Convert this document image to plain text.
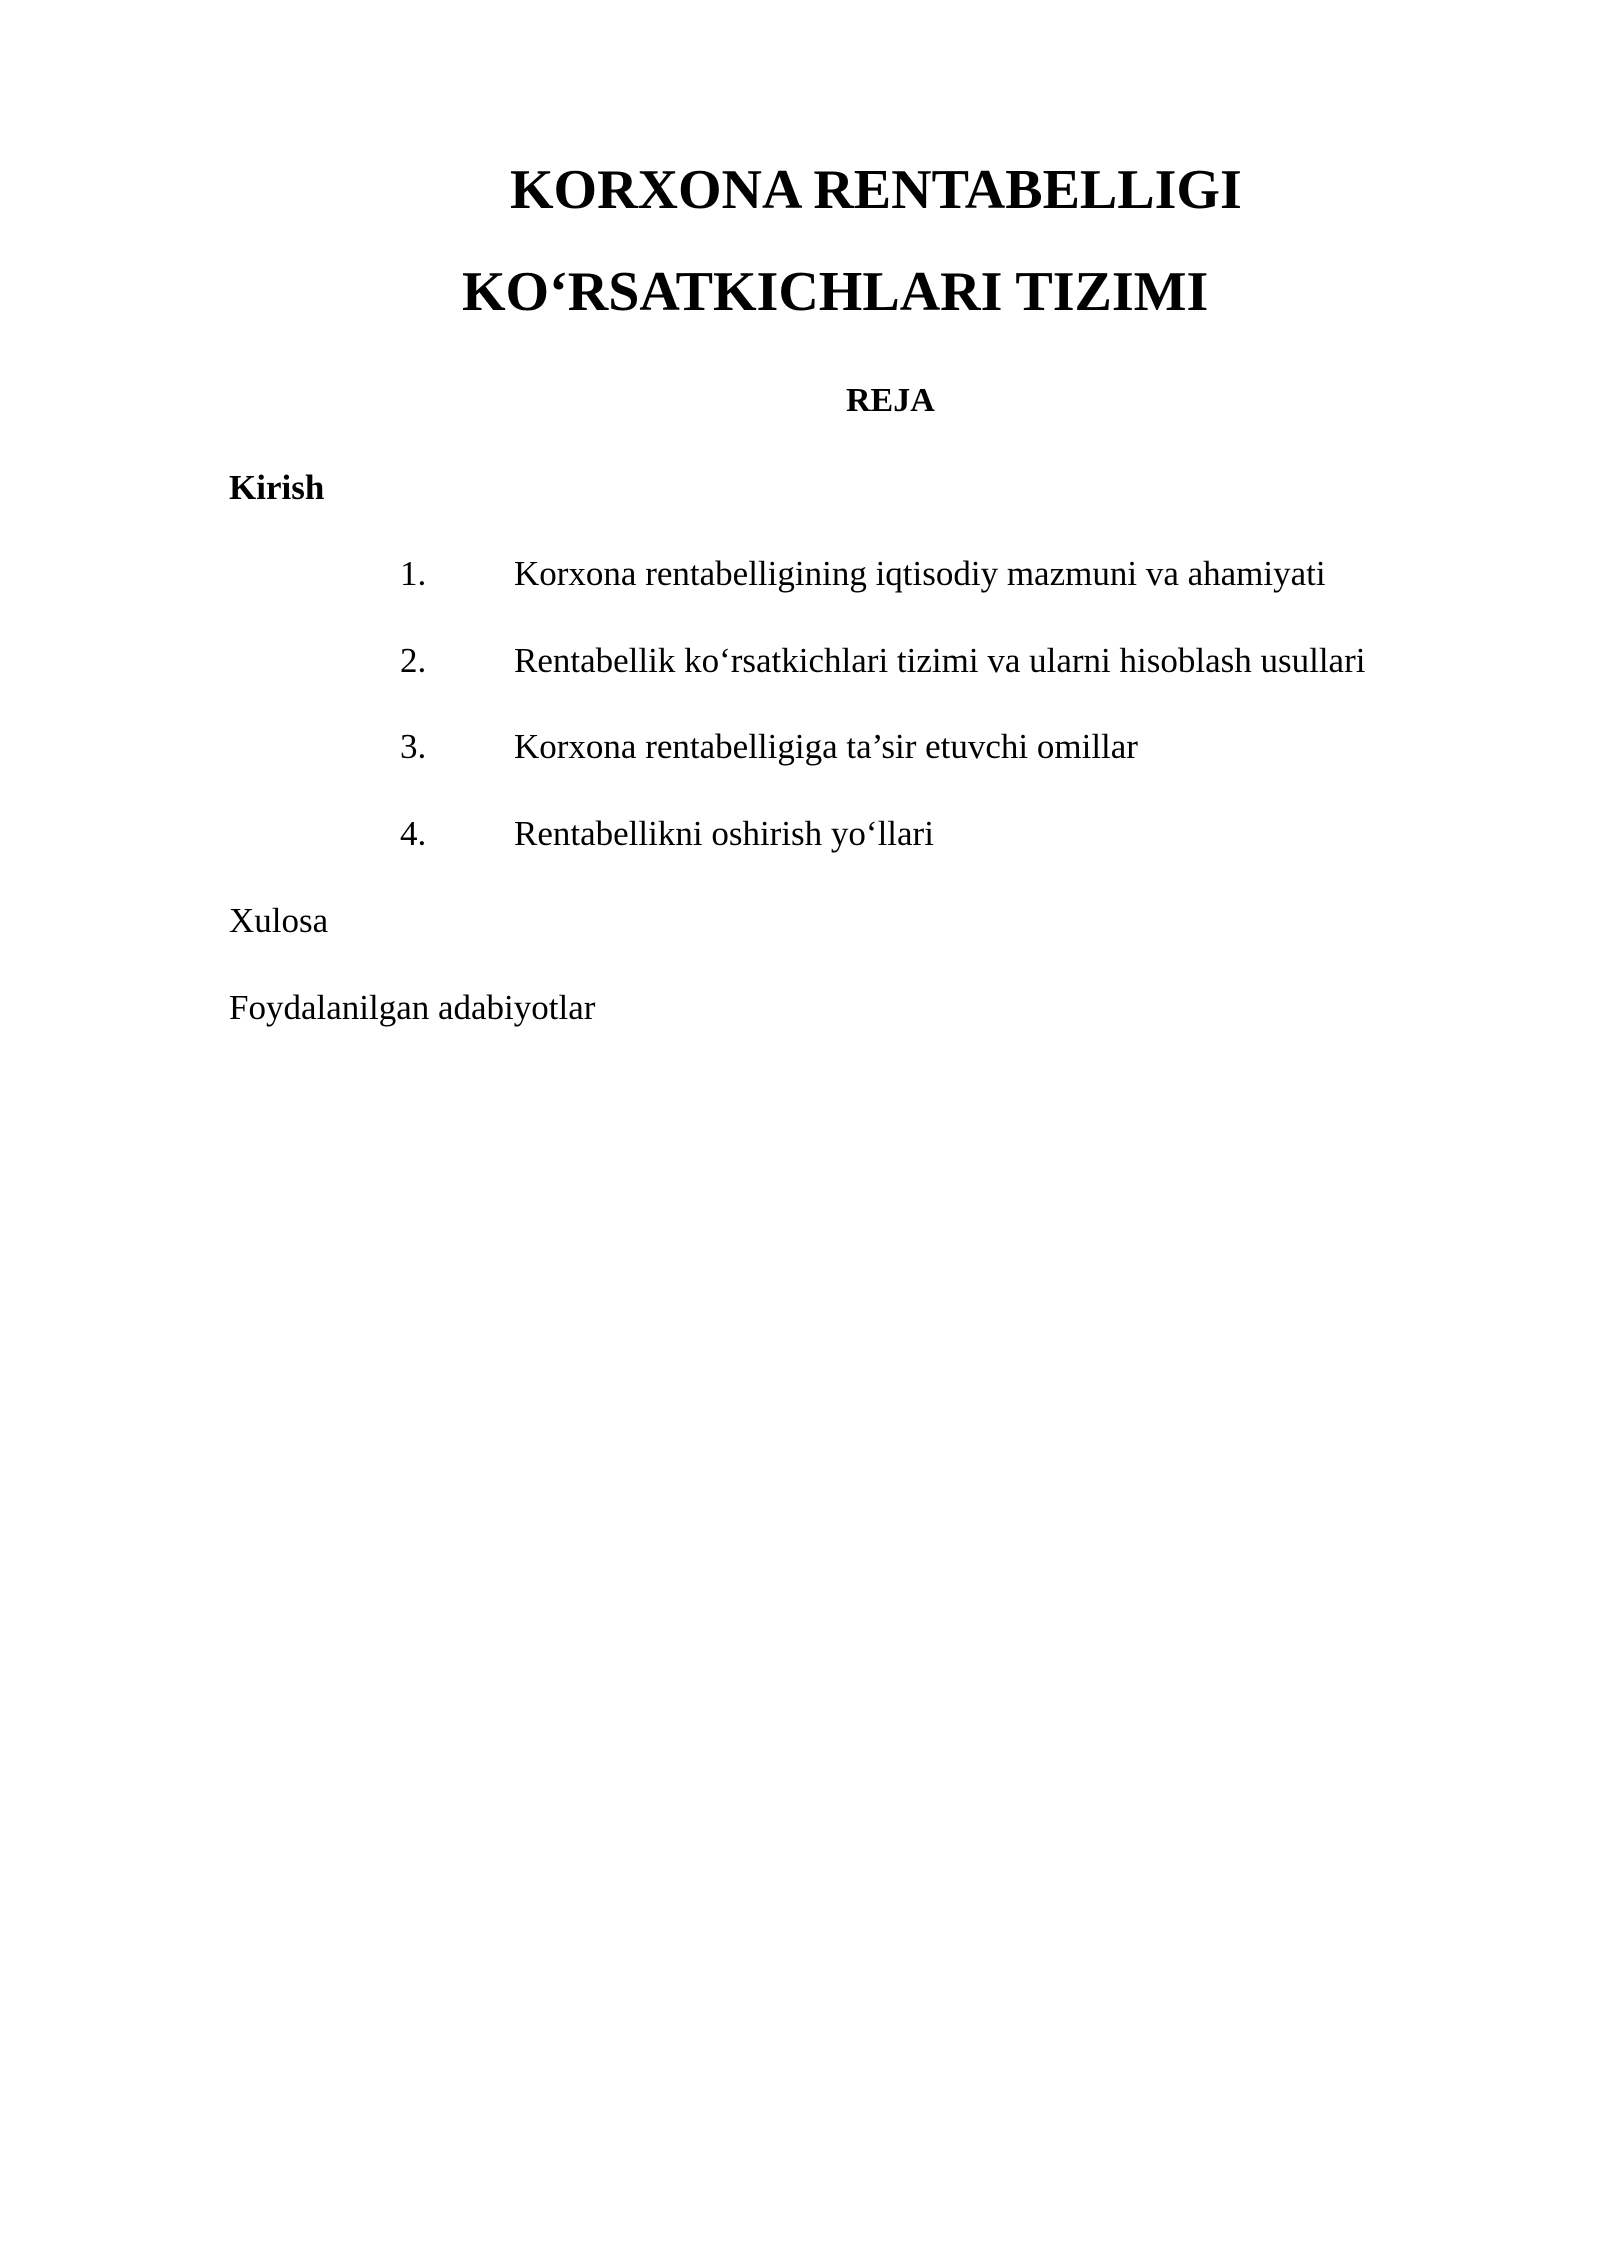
KORXONA RENTABELLIGI
KO‘RSATKICHLARI TIZIMI
REJA
Kirish
1.	Korxona rentabelligining iqtisodiy mazmuni va ahamiyati
2.	Rentabellik ko‘rsatkichlari tizimi va ularni hisoblash usullari
3.	Korxona rentabelligiga ta’sir etuvchi omillar
4.	Rentabellikni oshirish yo‘llari
Xulosa
Foydalanilgan adabiyotlar
